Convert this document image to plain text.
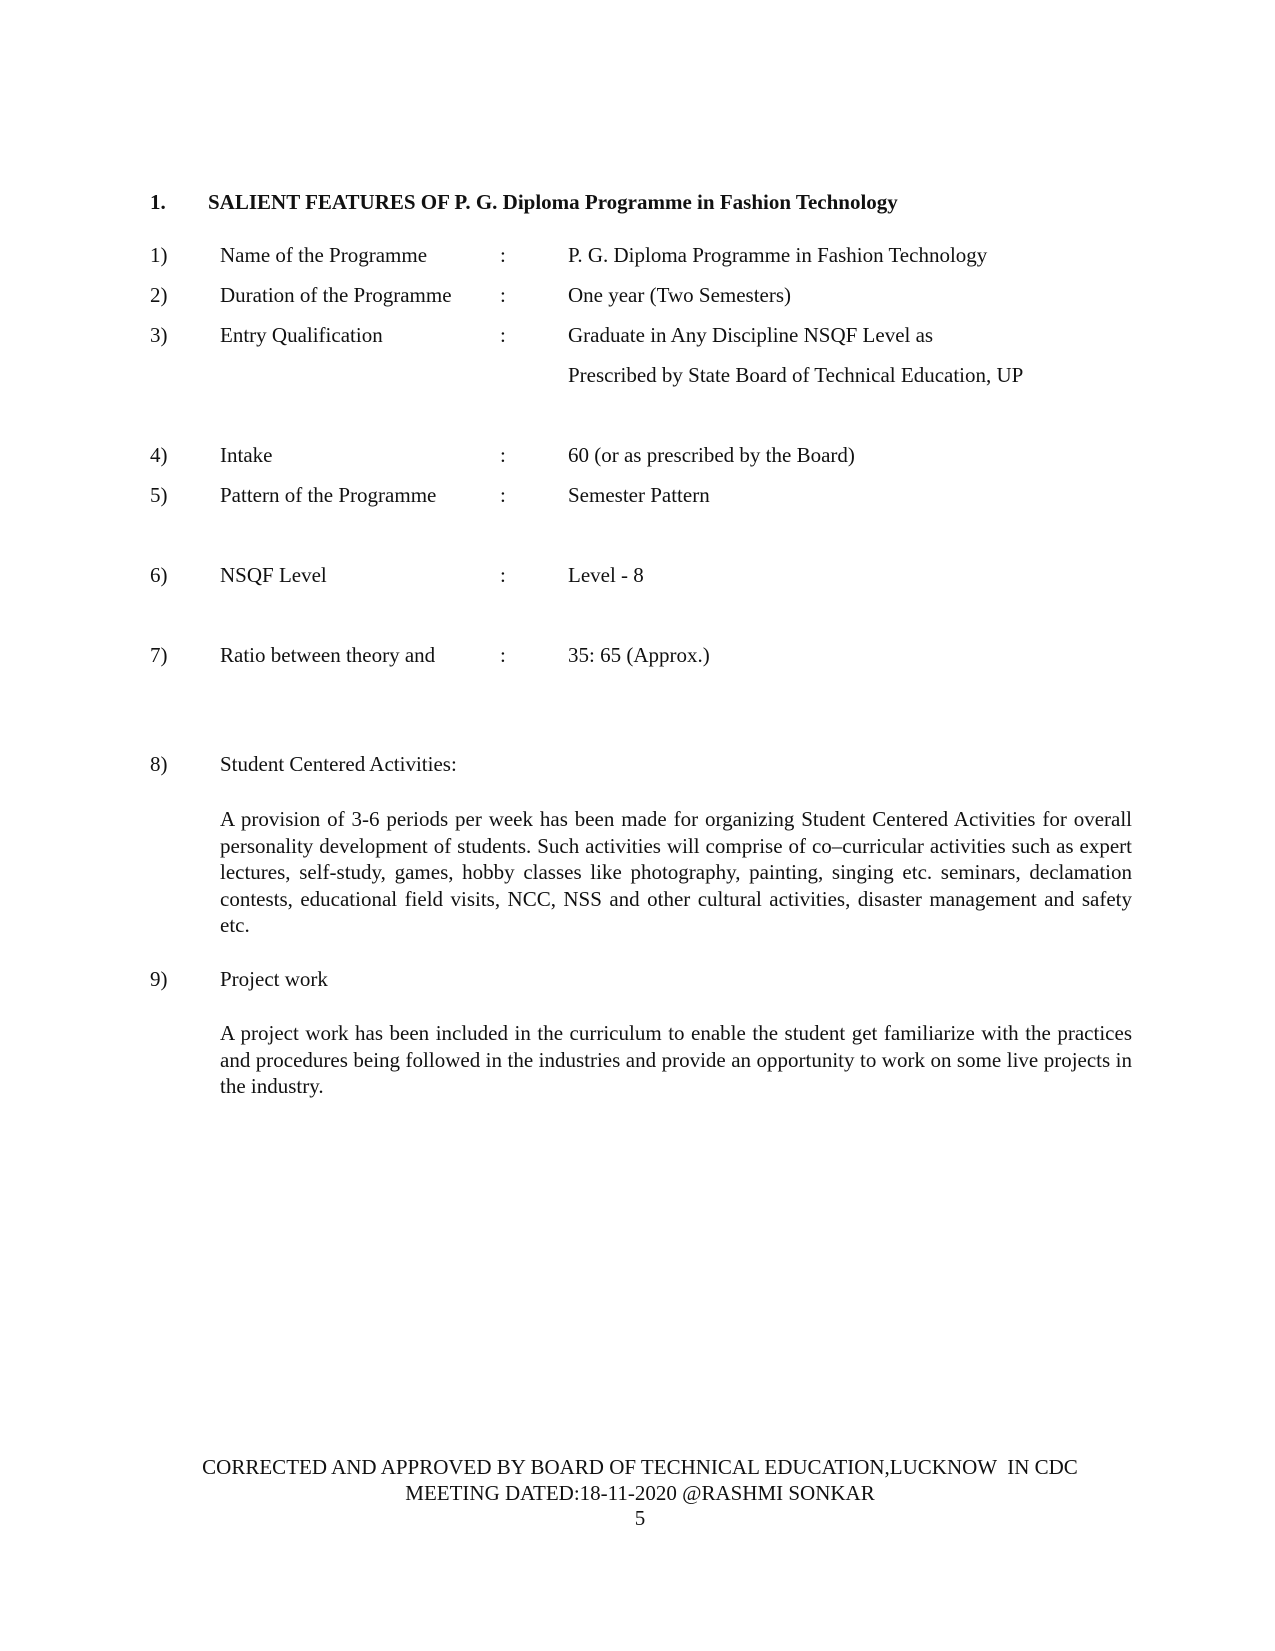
1. SALIENT FEATURES OF P. G. Diploma Programme in Fashion Technology
1)	Name of the Programme	:	P. G. Diploma Programme in Fashion Technology
2)	Duration of the Programme :	One year (Two Semesters)
3)	Entry Qualification	:	Graduate in Any Discipline NSQF Level as
Prescribed by State Board of Technical Education, UP
4)	Intake	:	60 (or as prescribed by the Board)
5)	Pattern of the Programme	:	Semester Pattern
6)	NSQF Level	:	Level - 8
7)	Ratio between theory and	:	35: 65 (Approx.)
8)	Student Centered Activities:
A provision of 3-6 periods per week has been made for organizing Student Centered Activities for overall personality development of students. Such activities will comprise of co–curricular activities such as expert lectures, self-study, games, hobby classes like photography, painting, singing etc. seminars, declamation contests, educational field visits, NCC, NSS and other cultural activities, disaster management and safety etc.
9)	Project work
A project work has been included in the curriculum to enable the student get familiarize with the practices and procedures being followed in the industries and provide an opportunity to work on some live projects in the industry.
CORRECTED AND APPROVED BY BOARD OF TECHNICAL EDUCATION,LUCKNOW  IN CDC
MEETING DATED:18-11-2020 @RASHMI SONKAR
5
